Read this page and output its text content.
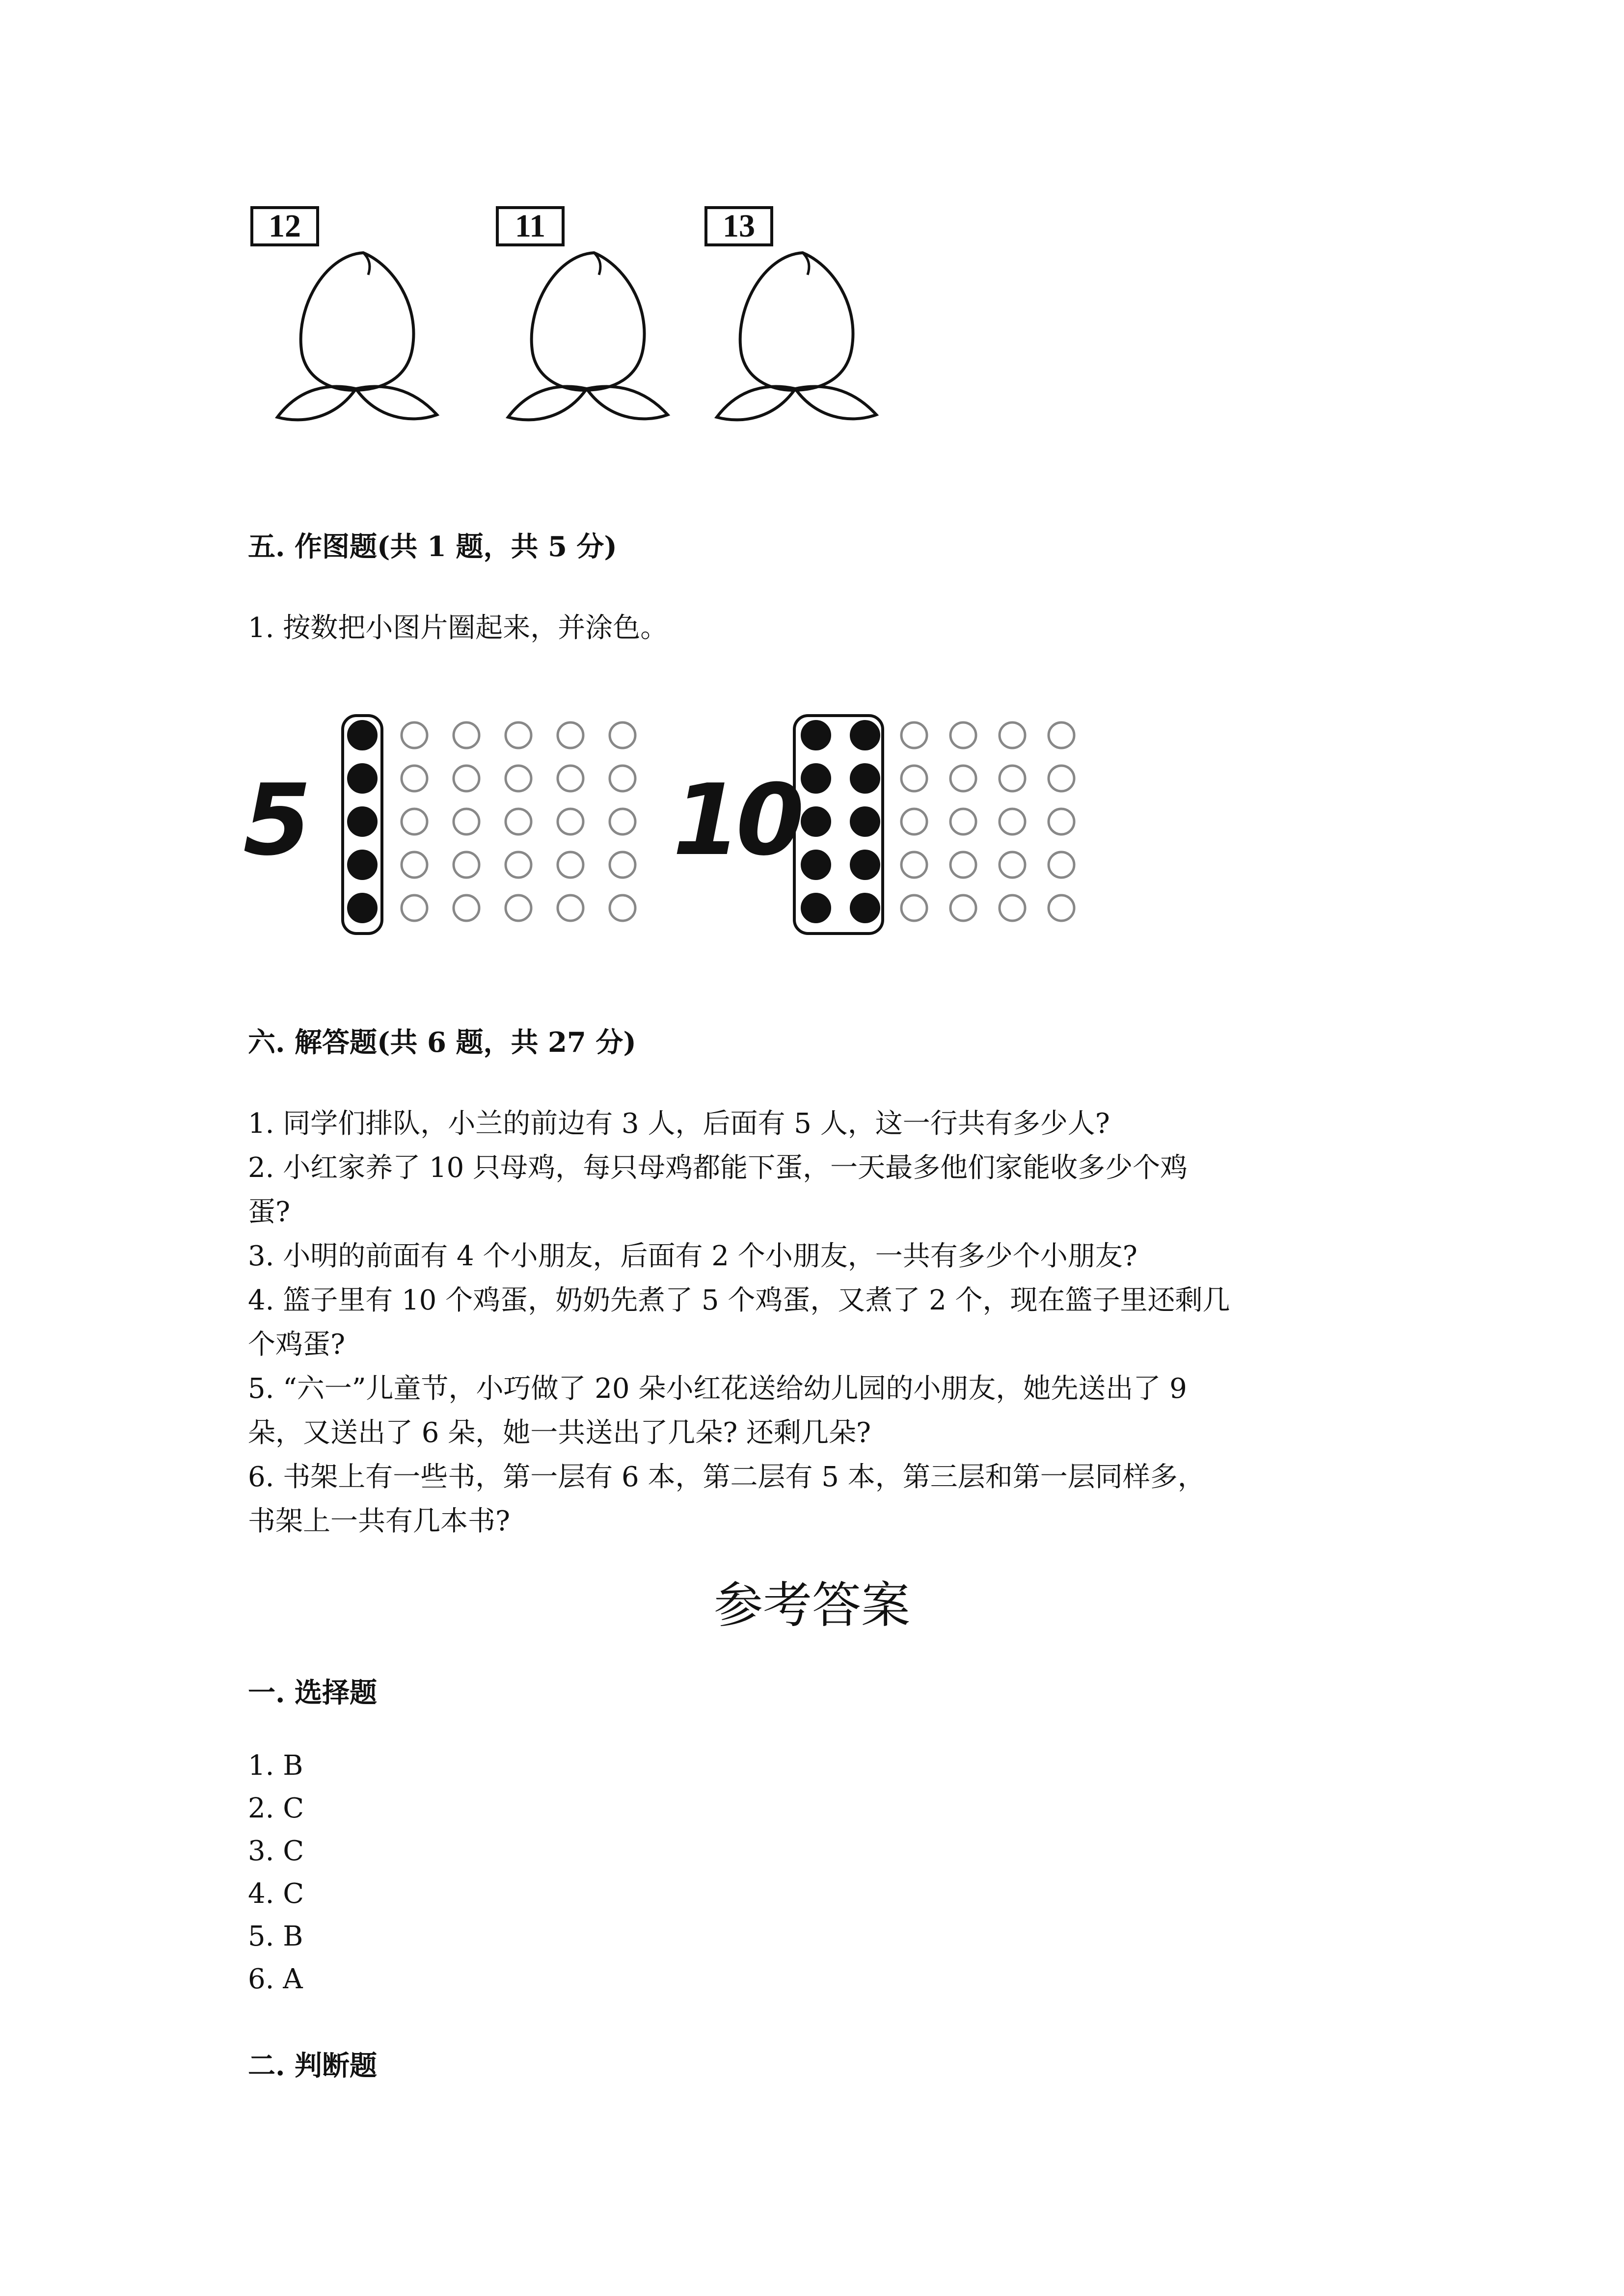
12	11	13
五. 作图题(共 1 题，共 5 分)
1. 按数把小图片圈起来，并涂色。
5	10
六. 解答题(共 6 题，共 27 分)
1. 同学们排队，小兰的前边有 3 人，后面有 5 人，这一行共有多少人?
2. 小红家养了 10 只母鸡，每只母鸡都能下蛋，一天最多他们家能收多少个鸡
蛋?
3. 小明的前面有 4 个小朋友，后面有 2 个小朋友，一共有多少个小朋友?
4. 篮子里有 10 个鸡蛋，奶奶先煮了 5 个鸡蛋，又煮了 2 个，现在篮子里还剩几
个鸡蛋?
5. “六一”儿童节，小巧做了 20 朵小红花送给幼儿园的小朋友，她先送出了 9
朵，又送出了 6 朵，她一共送出了几朵? 还剩几朵?
6. 书架上有一些书，第一层有 6 本，第二层有 5 本，第三层和第一层同样多，
书架上一共有几本书?
参考答案
一. 选择题
1. B
2. C
3. C
4. C
5. B
6. A
二. 判断题
